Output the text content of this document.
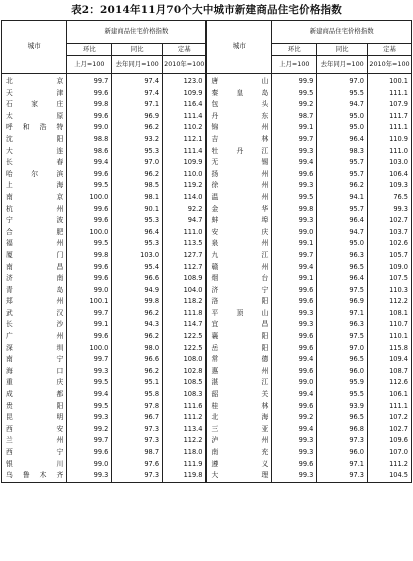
表2：2014年11月70个大中城市新建商品住宅价格指数
城市	新建商品住宅价格指数			城市	新建商品住宅价格指数		
	环比	同比	定基		环比	同比	定基
	上月=100	去年同月=100	2010年=100		上月=100	去年同月=100	2010年=100
北京	99.7	97.4	123.0	唐山	99.9	97.0	100.1
天津	99.6	97.4	109.9	秦皇岛	99.5	95.5	111.1
石家庄	99.8	97.1	116.4	包头	99.2	94.7	107.9
太原	99.6	96.9	111.4	丹东	98.7	95.0	111.7
呼和浩特	99.0	96.2	110.2	锦州	99.1	95.0	111.1
沈阳	98.8	93.2	112.1	吉林	99.7	96.4	110.9
大连	98.6	95.3	111.4	牡丹江	99.3	98.3	111.0
长春	99.4	97.0	109.9	无锡	99.4	95.7	103.0
哈尔滨	99.6	96.2	110.0	扬州	99.6	95.7	106.4
上海	99.5	98.5	119.2	徐州	99.3	96.2	109.3
南京	100.0	98.1	114.0	温州	99.5	94.1	76.5
杭州	99.6	90.1	92.2	金华	99.8	95.7	99.3
宁波	99.6	95.3	94.7	蚌埠	99.3	96.4	102.7
合肥	100.0	96.4	111.0	安庆	99.0	94.7	103.7
福州	99.5	95.3	113.5	泉州	99.1	95.0	102.6
厦门	99.8	103.0	127.7	九江	99.7	96.3	105.7
南昌	99.6	95.4	112.7	赣州	99.4	96.5	109.0
济南	99.6	96.6	108.9	烟台	99.1	96.4	107.5
青岛	99.0	94.9	104.0	济宁	99.6	97.5	110.3
郑州	100.1	99.8	118.2	洛阳	99.6	96.9	112.2
武汉	99.7	96.2	111.8	平顶山	99.3	97.1	108.1
长沙	99.1	94.3	114.7	宜昌	99.3	96.3	110.7
广州	99.6	96.2	122.5	襄阳	99.6	97.5	110.1
深圳	100.0	98.0	122.5	岳阳	99.6	97.0	115.8
南宁	99.7	96.6	108.0	常德	99.4	96.5	109.4
海口	99.3	96.2	102.8	惠州	99.6	96.0	108.7
重庆	99.5	95.1	108.5	湛江	99.0	95.9	112.6
成都	99.4	95.8	108.3	韶关	99.4	95.5	106.1
贵阳	99.5	97.8	111.6	桂林	99.6	93.9	111.1
昆明	99.3	96.7	111.2	北海	99.2	96.5	107.2
西安	99.2	97.3	113.4	三亚	99.4	96.8	102.7
兰州	99.7	97.3	112.2	泸州	99.3	97.3	109.6
西宁	99.6	98.7	118.0	南充	99.3	96.0	107.0
银川	99.0	97.6	111.9	遵义	99.6	97.1	111.2
乌鲁木齐	99.3	97.3	119.8	大理	99.3	97.3	104.5
